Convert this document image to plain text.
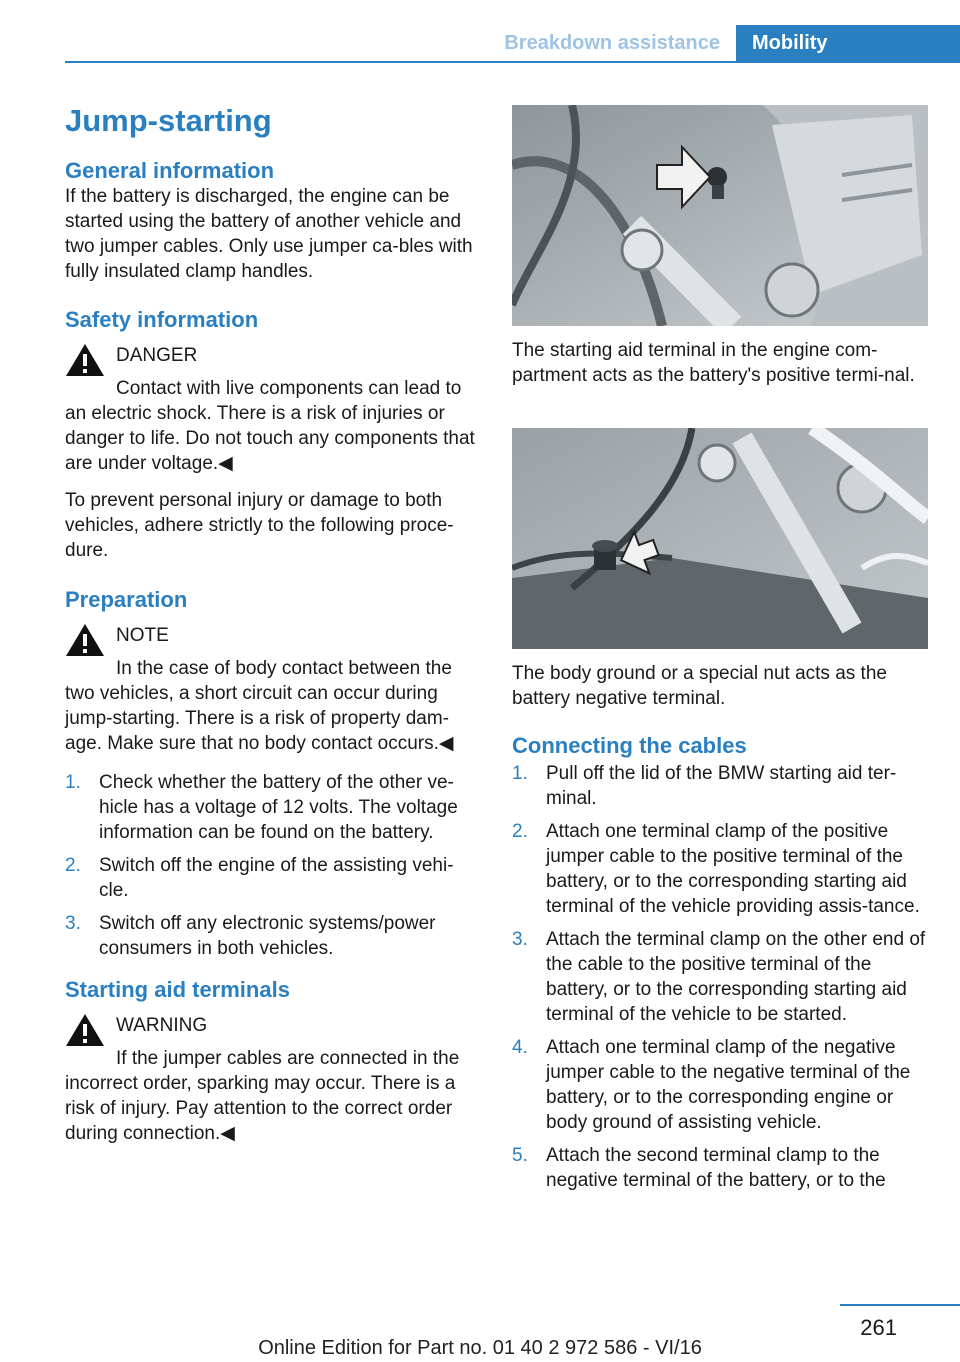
Breakdown assistance	Mobility
Jump-starting
General information

If the battery is discharged, the engine can be started using the battery of another vehicle and two jumper cables. Only use jumper ca-bles with fully insulated clamp handles.

Safety information
DANGER
Contact with live components can lead to
an electric shock. There is a risk of injuries or danger to life. Do not touch any components that are under voltage.◀

To prevent personal injury or damage to both vehicles, adhere strictly to the following proce-dure.

Preparation
NOTE
In the case of body contact between the
two vehicles, a short circuit can occur during jump-starting. There is a risk of property dam-age. Make sure that no body contact occurs.◀
1. Check whether the battery of the other ve-hicle has a voltage of 12 volts. The voltage information can be found on the battery.
2. Switch off the engine of the assisting vehi-cle.
3. Switch off any electronic systems/power consumers in both vehicles.
Starting aid terminals
WARNING
If the jumper cables are connected in the
incorrect order, sparking may occur. There is a risk of injury. Pay attention to the correct order during connection.◀

The starting aid terminal in the engine com-partment acts as the battery's positive termi-nal.

The body ground or a special nut acts as the battery negative terminal.

Connecting the cables
1. Pull off the lid of the BMW starting aid ter-minal.
2. Attach one terminal clamp of the positive jumper cable to the positive terminal of the battery, or to the corresponding starting aid terminal of the vehicle providing assis-tance.
3. Attach the terminal clamp on the other end of the cable to the positive terminal of the battery, or to the corresponding starting aid terminal of the vehicle to be started.
4. Attach one terminal clamp of the negative jumper cable to the negative terminal of the battery, or to the corresponding engine or body ground of assisting vehicle.
5. Attach the second terminal clamp to the negative terminal of the battery, or to the
261
Online Edition for Part no. 01 40 2 972 586 - VI/16
